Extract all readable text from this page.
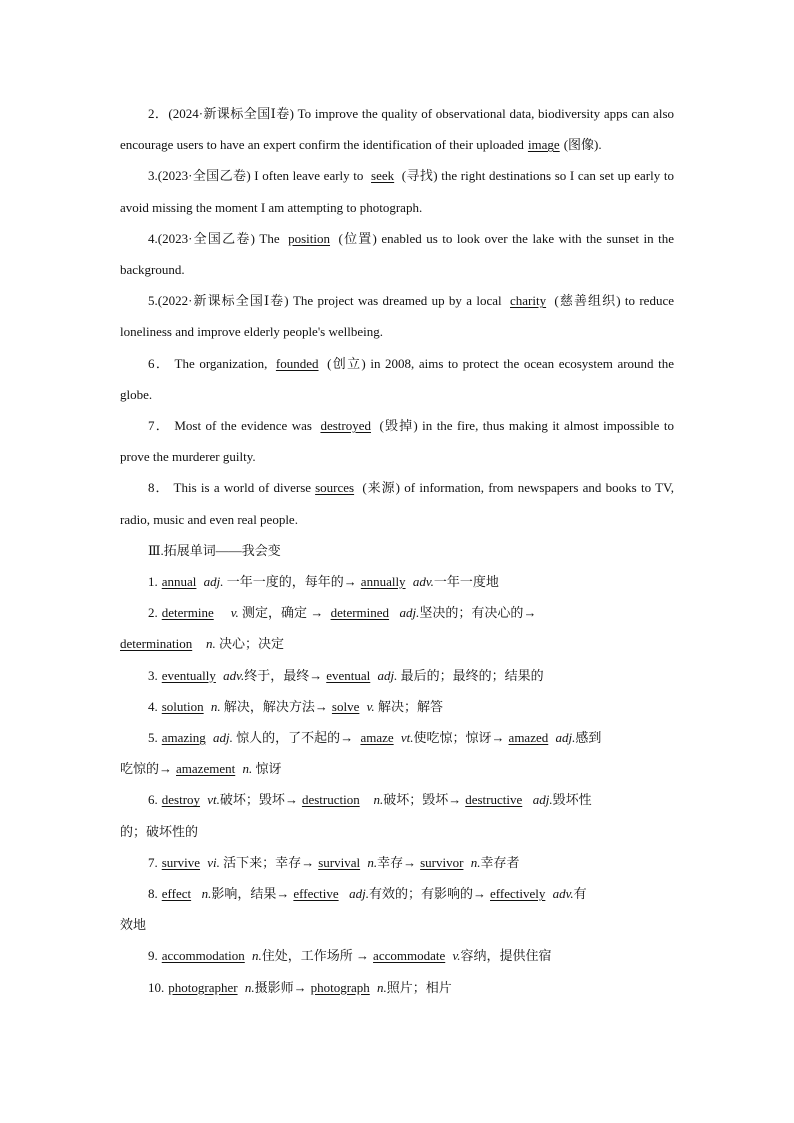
2．(2024·新课标全国Ⅰ卷) To improve the quality of observational data, biodiversity apps can also encourage users to have an expert confirm the identification of their uploaded image (图像).

3.(2023·全国乙卷) I often leave early to seek (寻找) the right destinations so I can set up early to avoid missing the moment I am attempting to photograph.

4.(2023·全国乙卷) The position (位置) enabled us to look over the lake with the sunset in the background.

5.(2022·新课标全国Ⅰ卷) The project was dreamed up by a local charity (慈善组织) to reduce loneliness and improve elderly people's wellbeing.

6． The organization, founded (创立) in 2008, aims to protect the ocean ecosystem around the globe.

7． Most of the evidence was destroyed (毁掉) in the fire, thus making it almost impossible to prove the murderer guilty.

8． This is a world of diverse sources (来源) of information, from newspapers and books to TV, radio, music and even real people.

Ⅲ.拓展单词——我会变

1. annual adj. 一年一度的，每年的→ annually adv.一年一度地

2. determine v. 测定，确定 → determined adj.坚决的；有决心的→

determination n. 决心；决定

3. eventually adv.终于，最终→ eventual adj. 最后的；最终的；结果的

4. solution n. 解决，解决方法→ solve v. 解决；解答

5. amazing adj. 惊人的，了不起的→ amaze vt.使吃惊；惊讶→ amazed adj.感到

吃惊的→ amazement n. 惊讶

6. destroy vt.破坏；毁坏→ destruction n.破坏；毁坏→ destructive adj.毁坏性

的；破坏性的

7. survive vi. 活下来；幸存→ survival n.幸存→ survivor n.幸存者

8. effect n.影响，结果→ effective adj.有效的；有影响的→ effectively adv.有

效地

9. accommodation n.住处，工作场所 → accommodate v.容纳，提供住宿

10. photographer n.摄影师→ photograph n.照片；相片
